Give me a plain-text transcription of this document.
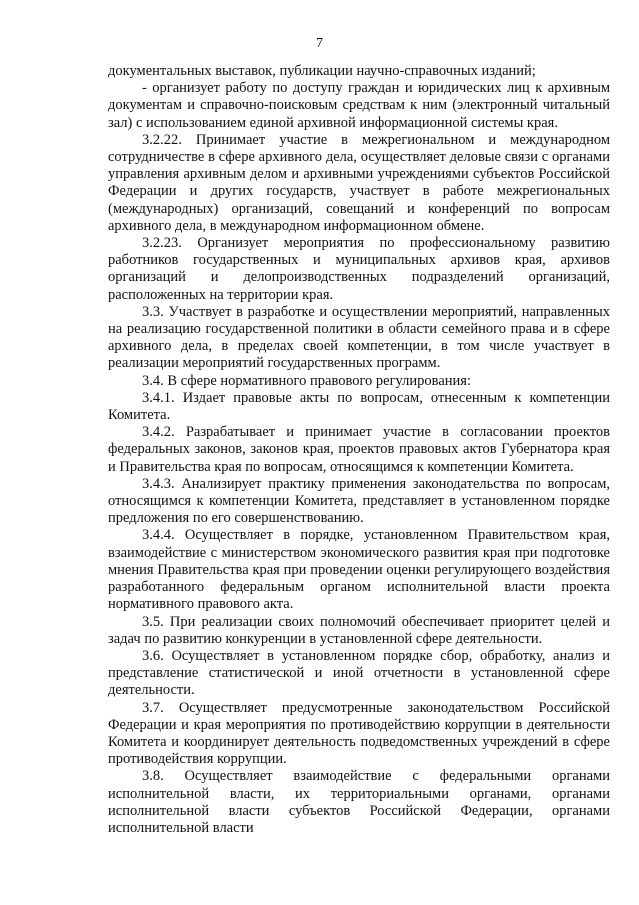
7

документальных выставок, публикации научно-справочных изданий;

- организует работу по доступу граждан и юридических лиц к архивным документам и справочно-поисковым средствам к ним (электронный читальный зал) с использованием единой архивной информационной системы края.

3.2.22. Принимает участие в межрегиональном и международном сотрудничестве в сфере архивного дела, осуществляет деловые связи с органами управления архивным делом и архивными учреждениями субъектов Российской Федерации и других государств, участвует в работе межрегиональных (международных) организаций, совещаний и конференций по вопросам архивного дела, в международном информационном обмене.

3.2.23. Организует мероприятия по профессиональному развитию работников государственных и муниципальных архивов края, архивов организаций и делопроизводственных подразделений организаций, расположенных на территории края.

3.3. Участвует в разработке и осуществлении мероприятий, направленных на реализацию государственной политики в области семейного права и в сфере архивного дела, в пределах своей компетенции, в том числе участвует в реализации мероприятий государственных программ.

3.4. В сфере нормативного правового регулирования:

3.4.1. Издает правовые акты по вопросам, отнесенным к компетенции Комитета.

3.4.2. Разрабатывает и принимает участие в согласовании проектов федеральных законов, законов края, проектов правовых актов Губернатора края и Правительства края по вопросам, относящимся к компетенции Комитета.

3.4.3. Анализирует практику применения законодательства по вопросам, относящимся к компетенции Комитета, представляет в установленном порядке предложения по его совершенствованию.

3.4.4. Осуществляет в порядке, установленном Правительством края, взаимодействие с министерством экономического развития края при подготовке мнения Правительства края при проведении оценки регулирующего воздействия разработанного федеральным органом исполнительной власти проекта нормативного правового акта.

3.5. При реализации своих полномочий обеспечивает приоритет целей и задач по развитию конкуренции в установленной сфере деятельности.

3.6. Осуществляет в установленном порядке сбор, обработку, анализ и представление статистической и иной отчетности в установленной сфере деятельности.

3.7. Осуществляет предусмотренные законодательством Российской Федерации и края мероприятия по противодействию коррупции в деятельности Комитета и координирует деятельность подведомственных учреждений в сфере противодействия коррупции.

3.8. Осуществляет взаимодействие с федеральными органами исполнительной власти, их территориальными органами, органами исполнительной власти субъектов Российской Федерации, органами исполнительной власти
